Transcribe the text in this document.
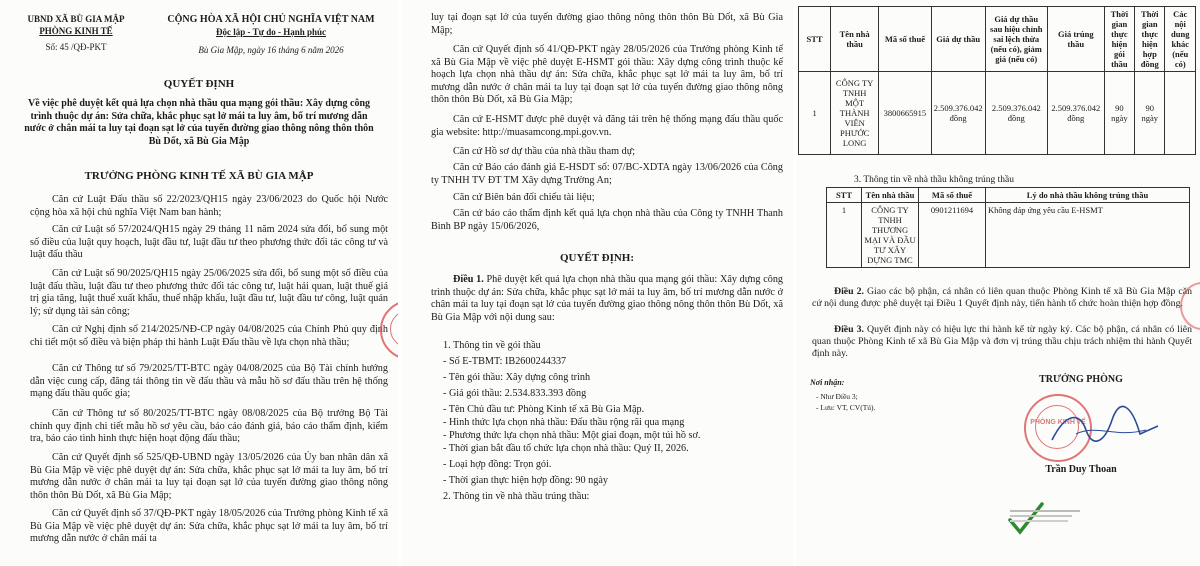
UBND XÃ BÙ GIA MẬP
PHÒNG KINH TẾ
Số: 45 /QĐ-PKT
CỘNG HÒA XÃ HỘI CHỦ NGHĨA VIỆT NAM
Độc lập - Tự do - Hạnh phúc
Bù Gia Mập, ngày 16 tháng 6 năm 2026
QUYẾT ĐỊNH
Về việc phê duyệt kết quả lựa chọn nhà thầu qua mạng gói thầu: Xây dựng công trình thuộc dự án: Sửa chữa, khắc phục sạt lở mái ta luy âm, bố trí mương dẫn nước ở chân mái ta luy tại đoạn sạt lở của tuyến đường giao thông nông thôn thôn Bù Dốt, xã Bù Gia Mập
TRƯỞNG PHÒNG KINH TẾ XÃ BÙ GIA MẬP
Căn cứ Luật Đấu thầu số 22/2023/QH15 ngày 23/06/2023 do Quốc hội Nước cộng hòa xã hội chủ nghĩa Việt Nam ban hành;
Căn cứ Luật số 57/2024/QH15 ngày 29 tháng 11 năm 2024 sửa đổi, bổ sung một số điều của luật quy hoạch, luật đầu tư, luật đầu tư theo phương thức đối tác công tư và luật đấu thầu
Căn cứ Luật số 90/2025/QH15 ngày 25/06/2025 sửa đổi, bổ sung một số điều của luật đấu thầu, luật đầu tư theo phương thức đối tác công tư, luật hải quan, luật thuế giá trị gia tăng, luật thuế xuất khẩu, thuế nhập khẩu, luật đầu tư, luật đầu tư công, luật quản lý; sử dụng tài sản công;
Căn cứ Nghị định số 214/2025/NĐ-CP ngày 04/08/2025 của Chính Phủ quy định chi tiết một số điều và biện pháp thi hành Luật Đấu thầu về lựa chọn nhà thầu;
Căn cứ Thông tư số 79/2025/TT-BTC ngày 04/08/2025 của Bộ Tài chính hướng dẫn việc cung cấp, đăng tải thông tin về đấu thầu và mẫu hồ sơ đấu thầu trên hệ thống mạng đấu thầu quốc gia;
Căn cứ Thông tư số 80/2025/TT-BTC ngày 08/08/2025 của Bộ trưởng Bộ Tài chính quy định chi tiết mẫu hồ sơ yêu cầu, báo cáo đánh giá, báo cáo thẩm định, kiểm tra, báo cáo tình hình thực hiện hoạt động đấu thầu;
Căn cứ Quyết định số 525/QĐ-UBND ngày 13/05/2026 của Ủy ban nhân dân xã Bù Gia Mập về việc phê duyệt dự án: Sửa chữa, khắc phục sạt lở mái ta luy âm, bố trí mương dẫn nước ở chân mái ta luy tại đoạn sạt lở của tuyến đường giao thông nông thôn thôn Bù Dốt, xã Bù Gia Mập;
Căn cứ Quyết định số 37/QĐ-PKT ngày 18/05/2026 của Trưởng phòng Kinh tế xã Bù Gia Mập về việc phê duyệt dự án: Sửa chữa, khắc phục sạt lở mái ta luy âm, bố trí mương dẫn nước ở chân mái ta
luy tại đoạn sạt lở của tuyến đường giao thông nông thôn thôn Bù Dốt, xã Bù Gia Mập;
Căn cứ Quyết định số 41/QĐ-PKT ngày 28/05/2026 của Trưởng phòng Kinh tế xã Bù Gia Mập về việc phê duyệt E-HSMT gói thầu: Xây dựng công trình thuộc kế hoạch lựa chọn nhà thầu dự án: Sửa chữa, khắc phục sạt lở mái ta luy âm, bố trí mương dẫn nước ở chân mái ta luy tại đoạn sạt lở của tuyến đường giao thông nông thôn thôn Bù Dốt, xã Bù Gia Mập;
Căn cứ E-HSMT được phê duyệt và đăng tải trên hệ thống mạng đấu thầu quốc gia website: http://muasamcong.mpi.gov.vn.
Căn cứ Hồ sơ dự thầu của nhà thầu tham dự;
Căn cứ Báo cáo đánh giá E-HSDT số: 07/BC-XDTA ngày 13/06/2026 của Công ty TNHH TV ĐT TM Xây dựng Trường An;
Căn cứ Biên bản đối chiếu tài liệu;
Căn cứ báo cáo thẩm định kết quả lựa chọn nhà thầu của Công ty TNHH Thanh Bình BP ngày 15/06/2026,
QUYẾT ĐỊNH:
Điều 1. Phê duyệt kết quả lựa chọn nhà thầu qua mạng gói thầu: Xây dựng công trình thuộc dự án: Sửa chữa, khắc phục sạt lở mái ta luy âm, bố trí mương dẫn nước ở chân mái ta luy tại đoạn sạt lở của tuyến đường giao thông nông thôn thôn Bù Dốt, xã Bù Gia Mập với nội dung sau:
1. Thông tin về gói thầu
- Số E-TBMT: IB2600244337
- Tên gói thầu: Xây dựng công trình
- Giá gói thầu: 2.534.833.393 đồng
- Tên Chủ đầu tư: Phòng Kinh tế xã Bù Gia Mập.
- Hình thức lựa chọn nhà thầu: Đấu thầu rộng rãi qua mạng
- Phương thức lựa chọn nhà thầu: Một giai đoạn, một túi hồ sơ.
- Thời gian bắt đầu tổ chức lựa chọn nhà thầu: Quý II, 2026.
- Loại hợp đồng: Trọn gói.
- Thời gian thực hiện hợp đồng: 90 ngày
2. Thông tin về nhà thầu trúng thầu:
STT	Tên nhà thầu	Mã số thuế	Giá dự thầu	Giá dự thầu sau hiệu chỉnh sai lệch thừa (nếu có), giảm giá (nếu có)	Giá trúng thầu	Thời gian thực hiện gói thầu	Thời gian thực hiện hợp đồng	Các nội dung khác (nếu có)
1	CÔNG TY TNHH MỘT THÀNH VIÊN PHƯỚC LONG	3800665915	2.509.376.042 đồng	2.509.376.042 đồng	2.509.376.042 đồng	90 ngày	90 ngày	
3. Thông tin về nhà thầu không trúng thầu
STT	Tên nhà thầu	Mã số thuế	Lý do nhà thầu không trúng thầu
1	CÔNG TY TNHH THƯƠNG MẠI VÀ ĐẦU TƯ XÂY DỰNG TMC	0901211694	Không đáp ứng yêu cầu E-HSMT
Điều 2. Giao các bộ phận, cá nhân có liên quan thuộc Phòng Kinh tế xã Bù Gia Mập căn cứ nội dung được phê duyệt tại Điều 1 Quyết định này, tiến hành tổ chức hoàn thiện hợp đồng.
Điều 3. Quyết định này có hiệu lực thi hành kể từ ngày ký. Các bộ phận, cá nhân có liên quan thuộc Phòng Kinh tế xã Bù Gia Mập và đơn vị trúng thầu chịu trách nhiệm thi hành Quyết định này.
Nơi nhận:
- Như Điều 3;
- Lưu: VT, CV(Tú).
TRƯỞNG PHÒNG
PHÒNG KINH TẾ
Trần Duy Thoan
